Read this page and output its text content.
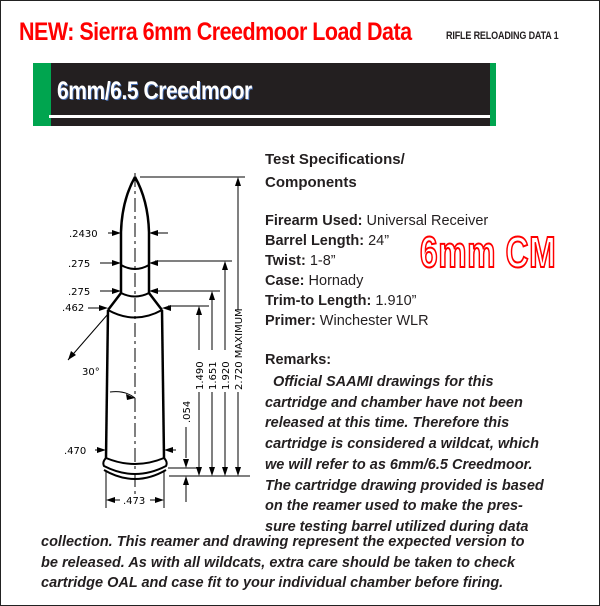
NEW: Sierra 6mm Creedmoor Load Data	RIFLE RELOADING DATA 1
6mm/6.5 Creedmoor
.2430
.275
.275
.462
.470
.473
30°
.054
1.490 1.651 1.920 2.720 MAXIMUM
Test Specifications/
Components
Firearm Used: Universal Receiver
Barrel Length: 24”
Twist: 1-8”
Case: Hornady
Trim-to Length: 1.910”
Primer: Winchester WLR
6mm CM
Remarks:
Official SAAMI drawings for this
cartridge and chamber have not been
released at this time. Therefore this
cartridge is considered a wildcat, which
we will refer to as 6mm/6.5 Creedmoor.
The cartridge drawing provided is based
on the reamer used to make the pres-
sure testing barrel utilized during data
collection. This reamer and drawing represent the expected version to
be released. As with all wildcats, extra care should be taken to check
cartridge OAL and case fit to your individual chamber before firing.
